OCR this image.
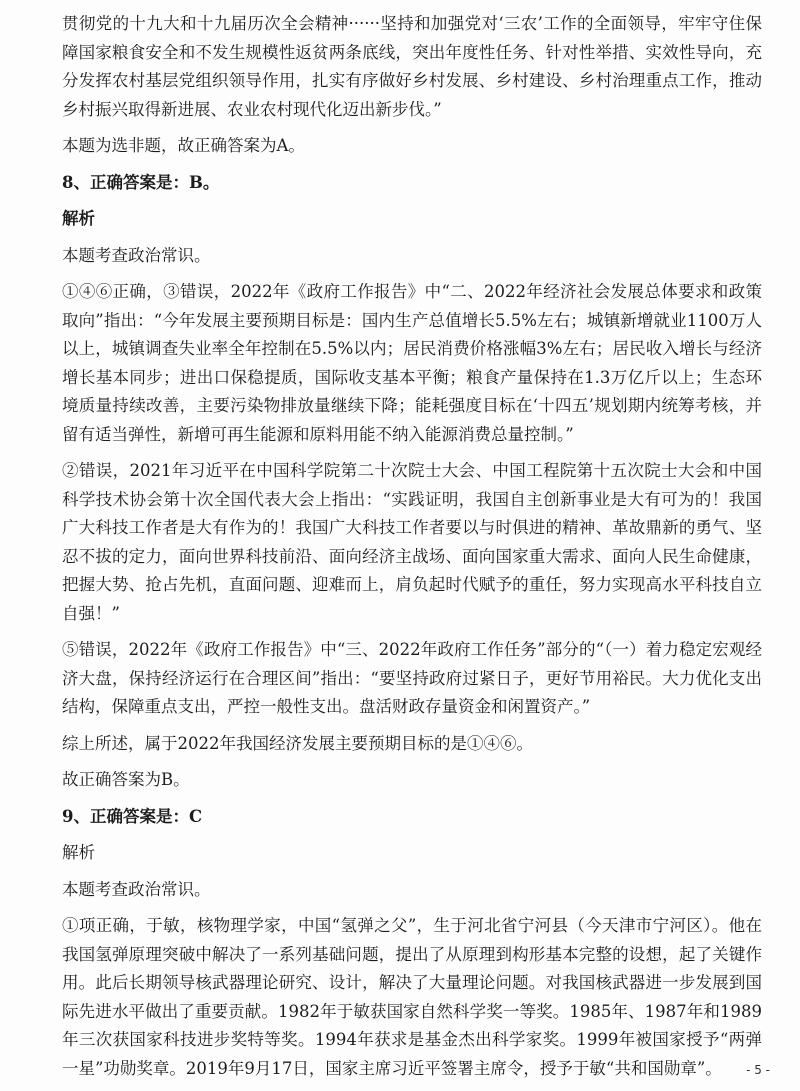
贯彻党的十九大和十九届历次全会精神······坚持和加强党对‘三农’工作的全面领导，牢牢守住保障国家粮食安全和不发生规模性返贫两条底线，突出年度性任务、针对性举措、实效性导向，充分发挥农村基层党组织领导作用，扎实有序做好乡村发展、乡村建设、乡村治理重点工作，推动乡村振兴取得新进展、农业农村现代化迈出新步伐。”

本题为选非题，故正确答案为A。

8、正确答案是：B。
解析

本题考查政治常识。

①④⑥正确，③错误，2022年《政府工作报告》中“二、2022年经济社会发展总体要求和政策取向”指出：“今年发展主要预期目标是：国内生产总值增长5.5%左右；城镇新增就业1100万人以上，城镇调查失业率全年控制在5.5%以内；居民消费价格涨幅3%左右；居民收入增长与经济增长基本同步；进出口保稳提质，国际收支基本平衡；粮食产量保持在1.3万亿斤以上；生态环境质量持续改善，主要污染物排放量继续下降；能耗强度目标在‘十四五’规划期内统筹考核，并留有适当弹性，新增可再生能源和原料用能不纳入能源消费总量控制。”

②错误，2021年习近平在中国科学院第二十次院士大会、中国工程院第十五次院士大会和中国科学技术协会第十次全国代表大会上指出：“实践证明，我国自主创新事业是大有可为的！我国广大科技工作者是大有作为的！我国广大科技工作者要以与时俱进的精神、革故鼎新的勇气、坚忍不拔的定力，面向世界科技前沿、面向经济主战场、面向国家重大需求、面向人民生命健康，把握大势、抢占先机，直面问题、迎难而上，肩负起时代赋予的重任，努力实现高水平科技自立自强！”

⑤错误，2022年《政府工作报告》中“三、2022年政府工作任务”部分的“（一）着力稳定宏观经济大盘，保持经济运行在合理区间”指出：“要坚持政府过紧日子，更好节用裕民。大力优化支出结构，保障重点支出，严控一般性支出。盘活财政存量资金和闲置资产。”

综上所述，属于2022年我国经济发展主要预期目标的是①④⑥。

故正确答案为B。

9、正确答案是：C
解析

本题考查政治常识。

①项正确，于敏，核物理学家，中国“氢弹之父”，生于河北省宁河县（今天津市宁河区）。他在我国氢弹原理突破中解决了一系列基础问题，提出了从原理到构形基本完整的设想，起了关键作用。此后长期领导核武器理论研究、设计，解决了大量理论问题。对我国核武器进一步发展到国际先进水平做出了重要贡献。1982年于敏获国家自然科学奖一等奖。1985年、1987年和1989年三次获国家科技进步奖特等奖。1994年获求是基金杰出科学家奖。1999年被国家授予“两弹一星”功勋奖章。2019年9月17日，国家主席习近平签署主席令，授予于敏“共和国勋章”。	- 5 -
